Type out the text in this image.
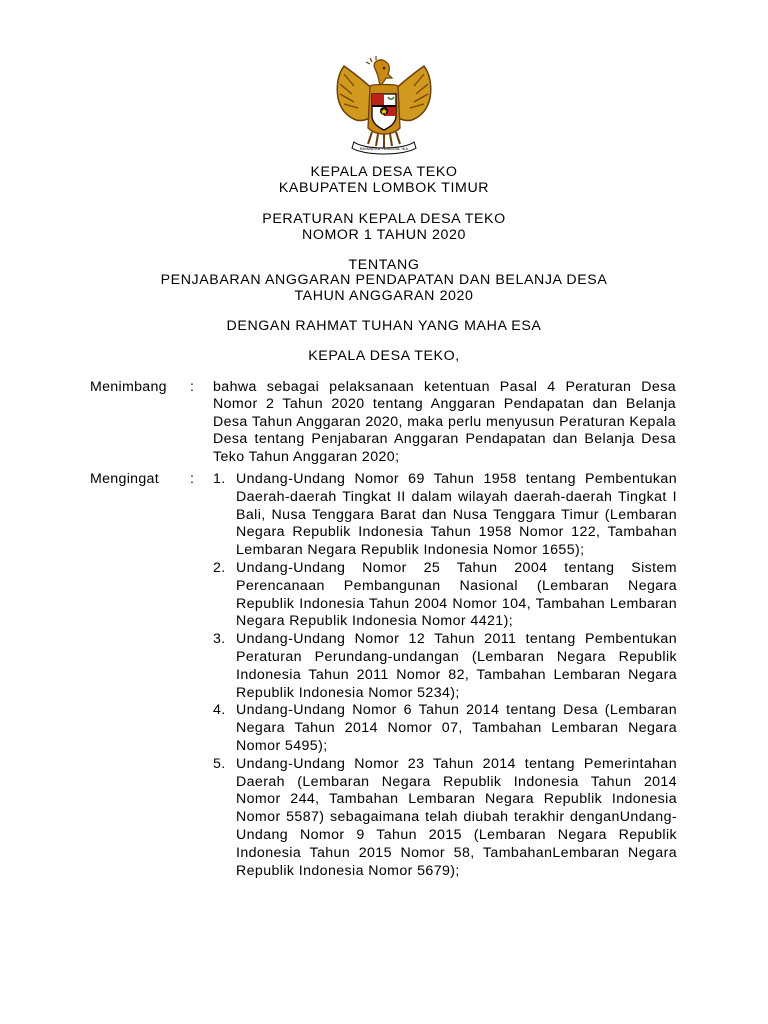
BHINNEKA TUNGGAL IKA
KEPALA DESA TEKO
KABUPATEN LOMBOK TIMUR
PERATURAN KEPALA DESA TEKO
NOMOR 1 TAHUN 2020
TENTANG
PENJABARAN ANGGARAN PENDAPATAN DAN BELANJA DESA
TAHUN ANGGARAN 2020
DENGAN RAHMAT TUHAN YANG MAHA ESA
KEPALA DESA TEKO,
Menimbang : bahwa sebagai pelaksanaan ketentuan Pasal 4 Peraturan Desa Nomor 2 Tahun 2020 tentang Anggaran Pendapatan dan Belanja Desa Tahun Anggaran 2020, maka perlu menyusun Peraturan Kepala Desa tentang Penjabaran Anggaran Pendapatan dan Belanja Desa Teko Tahun Anggaran 2020;
Mengingat : 1. Undang-Undang Nomor 69 Tahun 1958 tentang Pembentukan Daerah-daerah Tingkat II dalam wilayah daerah-daerah Tingkat I Bali, Nusa Tenggara Barat dan Nusa Tenggara Timur (Lembaran Negara Republik Indonesia Tahun 1958 Nomor 122, Tambahan Lembaran Negara Republik Indonesia Nomor 1655);
2. Undang-Undang Nomor 25 Tahun 2004 tentang Sistem Perencanaan Pembangunan Nasional (Lembaran Negara Republik Indonesia Tahun 2004 Nomor 104, Tambahan Lembaran Negara Republik Indonesia Nomor 4421);
3. Undang-Undang Nomor 12 Tahun 2011 tentang Pembentukan Peraturan Perundang-undangan (Lembaran Negara Republik Indonesia Tahun 2011 Nomor 82, Tambahan Lembaran Negara Republik Indonesia Nomor 5234);
4. Undang-Undang Nomor 6 Tahun 2014 tentang Desa (Lembaran Negara Tahun 2014 Nomor 07, Tambahan Lembaran Negara Nomor 5495);
5. Undang-Undang Nomor 23 Tahun 2014 tentang Pemerintahan Daerah (Lembaran Negara Republik Indonesia Tahun 2014 Nomor 244, Tambahan Lembaran Negara Republik Indonesia Nomor 5587) sebagaimana telah diubah terakhir denganUndang-Undang Nomor 9 Tahun 2015 (Lembaran Negara Republik Indonesia Tahun 2015 Nomor 58, TambahanLembaran Negara Republik Indonesia Nomor 5679);
